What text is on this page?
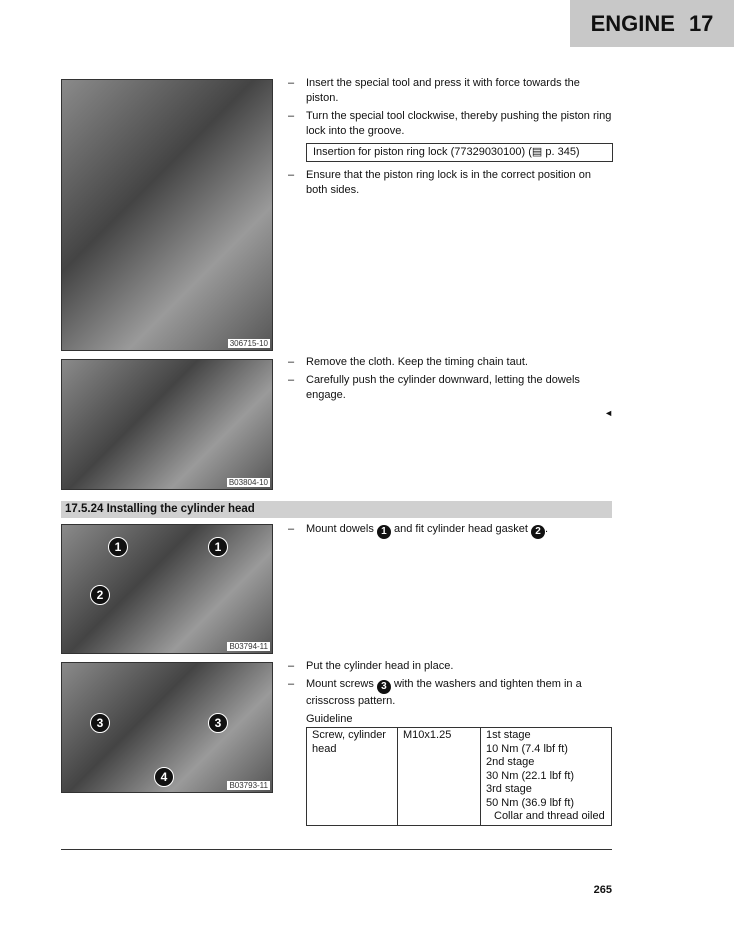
ENGINE 17
306715-10
B03804-10
1	1
2
B03794-11
3	3
4
B03793-11
–	Insert the special tool and press it with force towards the piston.
–	Turn the special tool clockwise, thereby pushing the piston ring lock into the groove.
Insertion for piston ring lock (77329030100) (▤ p. 345)
–	Ensure that the piston ring lock is in the correct position on both sides.
–	Remove the cloth. Keep the timing chain taut.
–	Carefully push the cylinder downward, letting the dowels engage.
◄
17.5.24 Installing the cylinder head
–	Mount dowels 1 and fit cylinder head gasket 2 .
–	Put the cylinder head in place.
–	Mount screws 3 with the washers and tighten them in a crisscross pattern.
Guideline
Screw, cylinder head	M10x1.25	1st stage
10 Nm (7.4 lbf ft)
2nd stage
30 Nm (22.1 lbf ft)
3rd stage
50 Nm (36.9 lbf ft)
Collar and thread oiled
265
